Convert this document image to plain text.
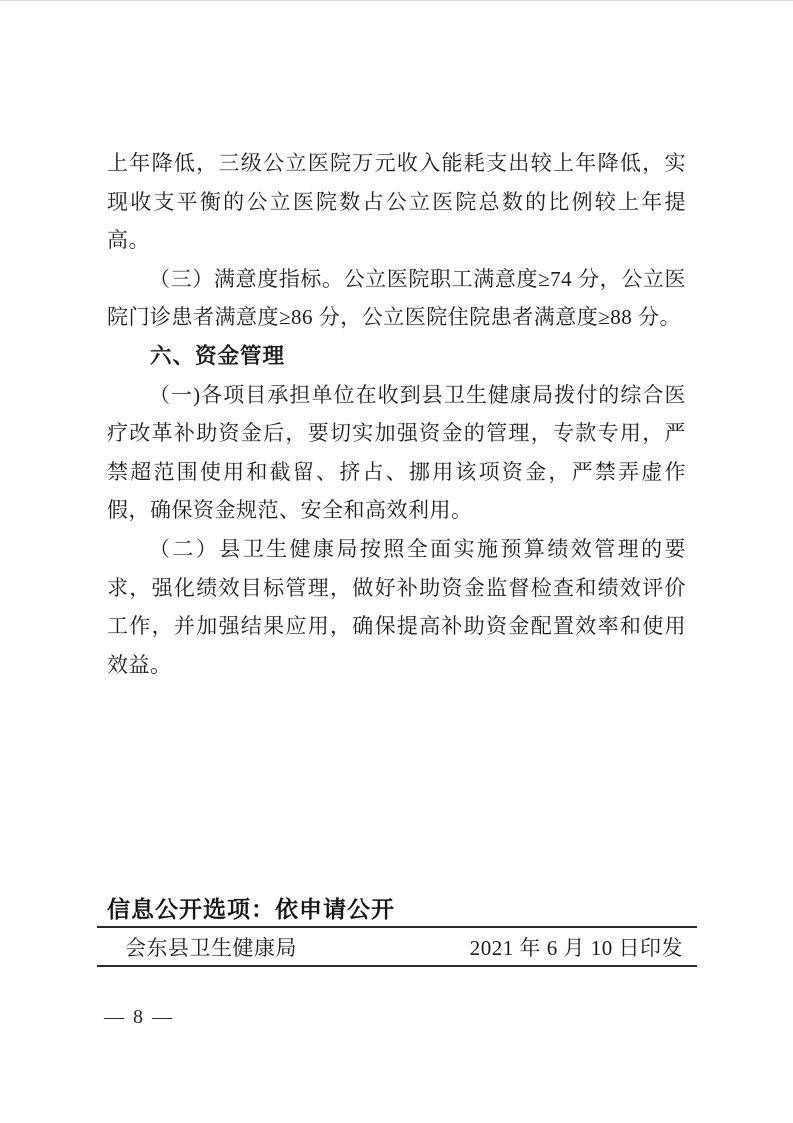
上年降低，三级公立医院万元收入能耗支出较上年降低，实现收支平衡的公立医院数占公立医院总数的比例较上年提高。

（三）满意度指标。公立医院职工满意度≥74 分，公立医院门诊患者满意度≥86 分，公立医院住院患者满意度≥88 分。

六、资金管理

（一)各项目承担单位在收到县卫生健康局拨付的综合医疗改革补助资金后，要切实加强资金的管理，专款专用，严禁超范围使用和截留、挤占、挪用该项资金，严禁弄虚作假，确保资金规范、安全和高效利用。

（二）县卫生健康局按照全面实施预算绩效管理的要求，强化绩效目标管理，做好补助资金监督检查和绩效评价工作，并加强结果应用，确保提高补助资金配置效率和使用效益。

信息公开选项：依申请公开
会东县卫生健康局	2021 年 6 月 10 日印发
— 8 —
